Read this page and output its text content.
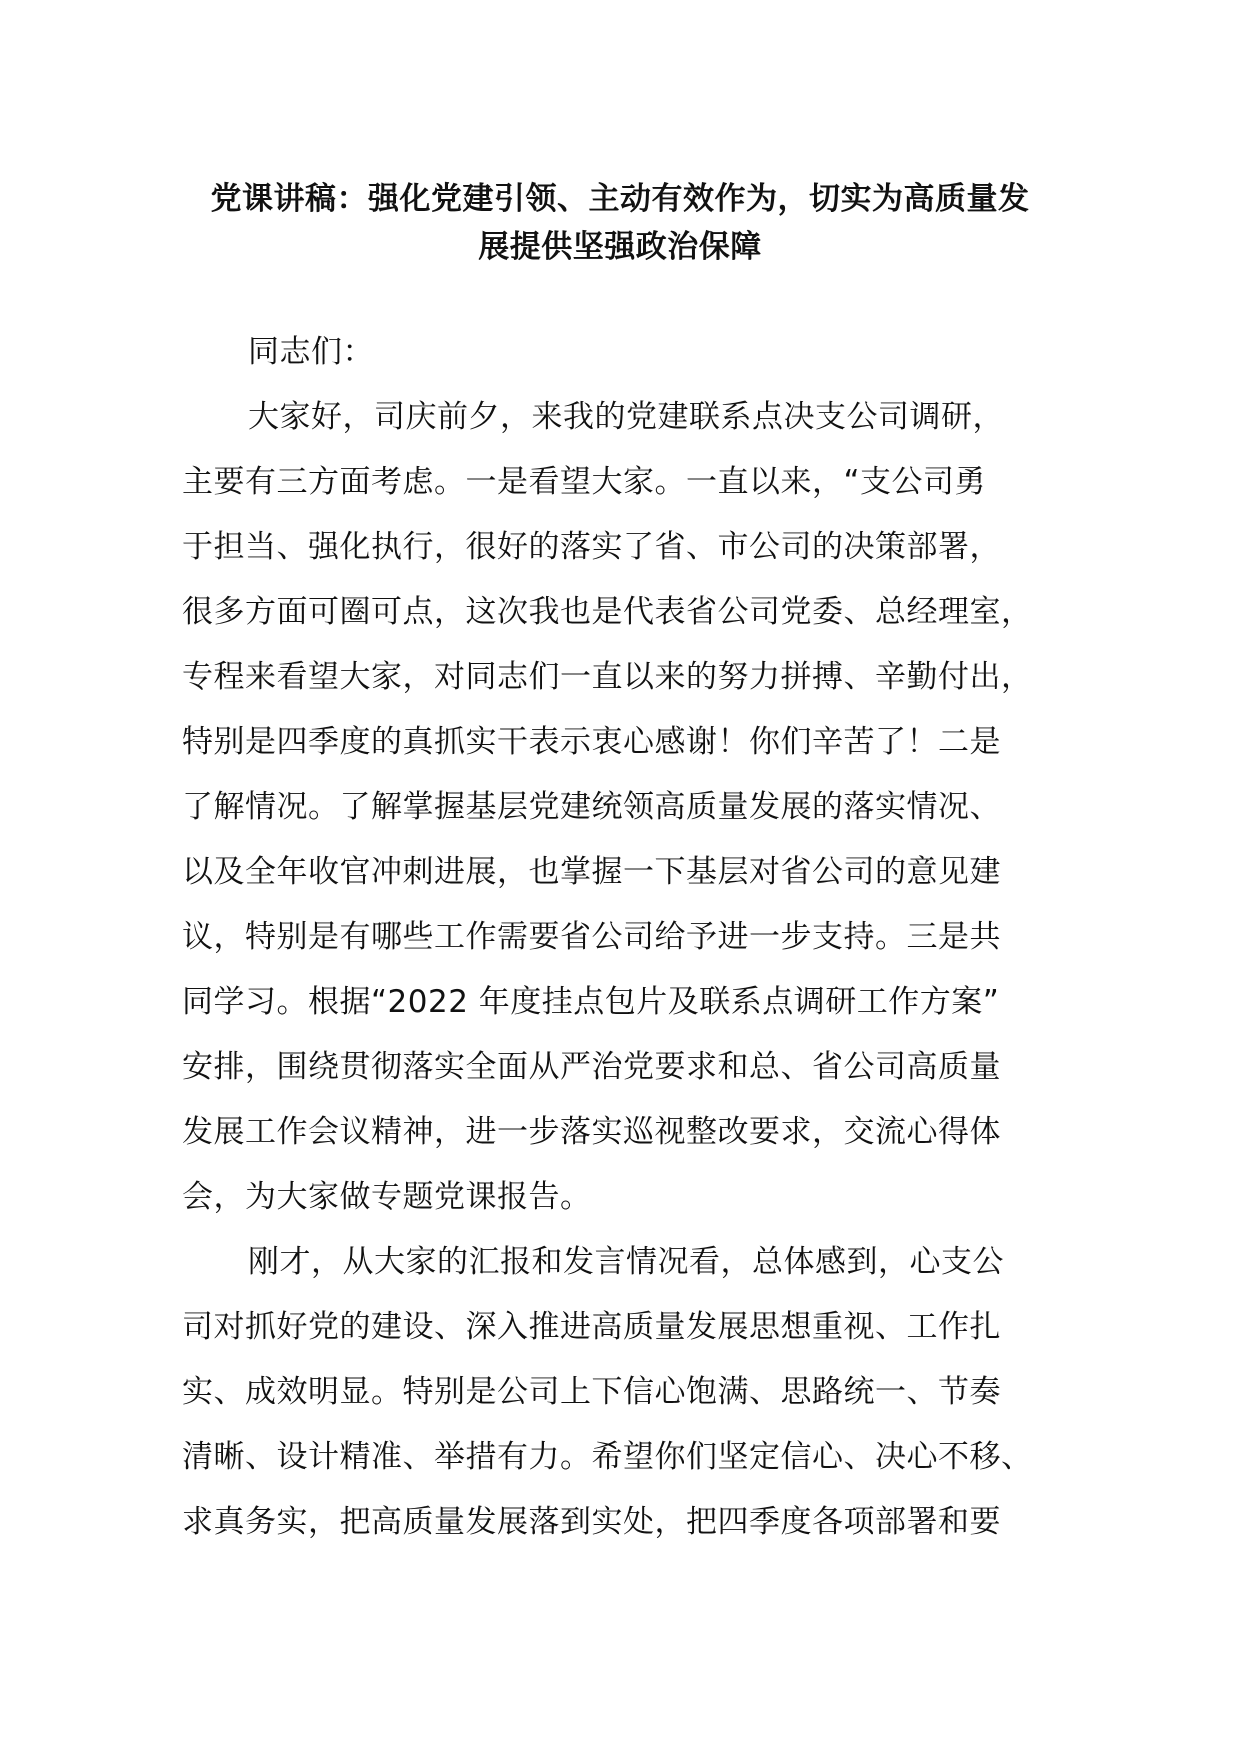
党课讲稿：强化党建引领、主动有效作为，切实为高质量发
展提供坚强政治保障
同志们：
大家好，司庆前夕，来我的党建联系点决支公司调研，
主要有三方面考虑。一是看望大家。一直以来，“支公司勇
于担当、强化执行，很好的落实了省、市公司的决策部署，
很多方面可圈可点，这次我也是代表省公司党委、总经理室，
专程来看望大家，对同志们一直以来的努力拼搏、辛勤付出，
特别是四季度的真抓实干表示衷心感谢！你们辛苦了！二是
了解情况。了解掌握基层党建统领高质量发展的落实情况、
以及全年收官冲刺进展，也掌握一下基层对省公司的意见建
议，特别是有哪些工作需要省公司给予进一步支持。三是共
同学习。根据“2022 年度挂点包片及联系点调研工作方案”
安排，围绕贯彻落实全面从严治党要求和总、省公司高质量
发展工作会议精神，进一步落实巡视整改要求，交流心得体
会，为大家做专题党课报告。
刚才，从大家的汇报和发言情况看，总体感到，心支公
司对抓好党的建设、深入推进高质量发展思想重视、工作扎
实、成效明显。特别是公司上下信心饱满、思路统一、节奏
清晰、设计精准、举措有力。希望你们坚定信心、决心不移、
求真务实，把高质量发展落到实处，把四季度各项部署和要
